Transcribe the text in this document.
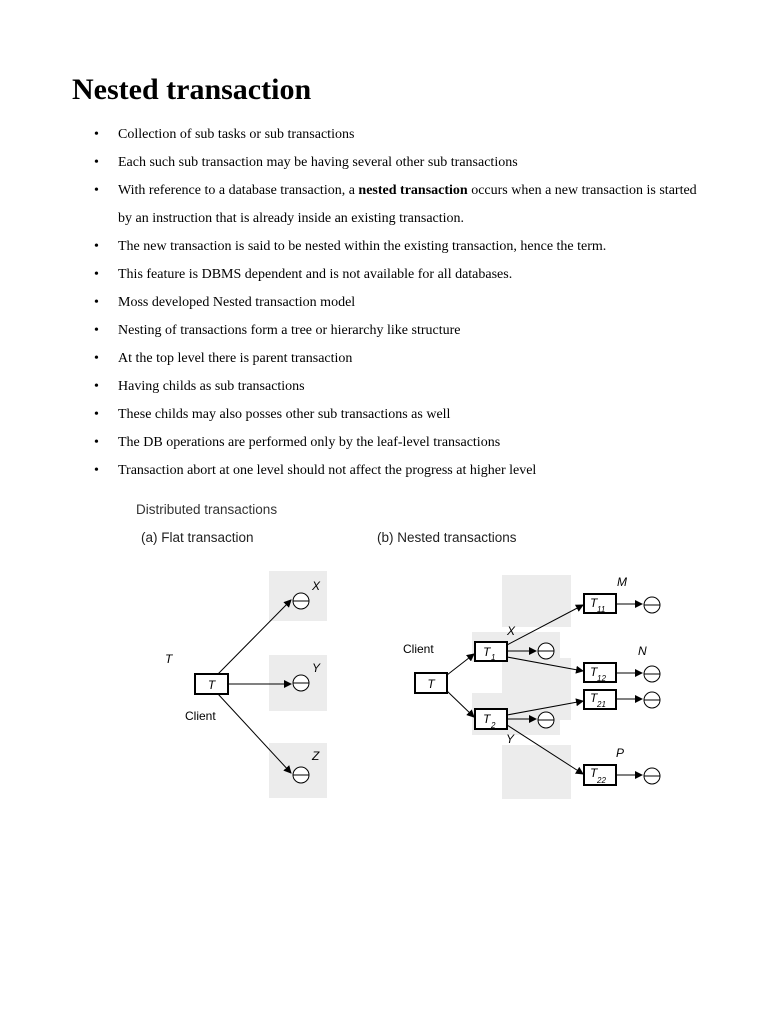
Nested transaction
• Collection of sub tasks or sub transactions
• Each such sub transaction may be having several other sub transactions
• With reference to a database transaction, a nested transaction occurs when a new transaction is started by an instruction that is already inside an existing transaction.
• The new transaction is said to be nested within the existing transaction, hence the term.
• This feature is DBMS dependent and is not available for all databases.
• Moss developed Nested transaction model
• Nesting of transactions form a tree or hierarchy like structure
• At the top level there is parent transaction
• Having childs as sub transactions
• These childs may also posses other sub transactions as well
• The DB operations are performed only by the leaf-level transactions
• Transaction abort at one level should not affect the progress at higher level
Distributed transactions
(a) Flat transaction	(b) Nested transactions
X
Y
Z
T
T
Client
M
N
P
X
Y
Client
T
T 1
T 2
T 11
T 12
T 21
T
22
